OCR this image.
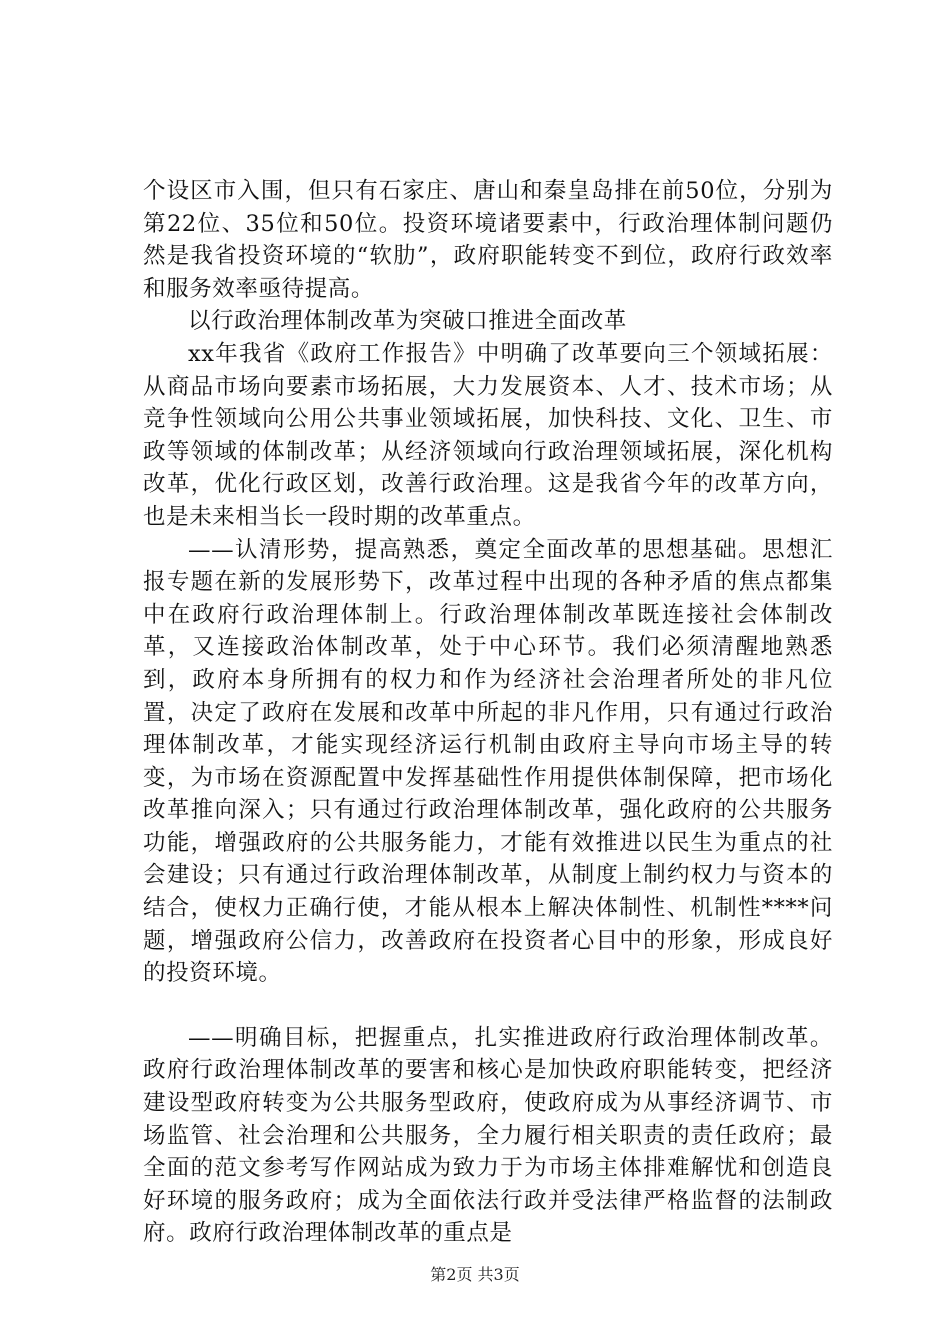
个设区市入围，但只有石家庄、唐山和秦皇岛排在前50位，分别为第22位、35位和50位。投资环境诸要素中，行政治理体制问题仍然是我省投资环境的“软肋”，政府职能转变不到位，政府行政效率和服务效率亟待提高。

以行政治理体制改革为突破口推进全面改革

xx年我省《政府工作报告》中明确了改革要向三个领域拓展：从商品市场向要素市场拓展，大力发展资本、人才、技术市场；从竞争性领域向公用公共事业领域拓展，加快科技、文化、卫生、市政等领域的体制改革；从经济领域向行政治理领域拓展，深化机构改革，优化行政区划，改善行政治理。这是我省今年的改革方向，也是未来相当长一段时期的改革重点。

——认清形势，提高熟悉，奠定全面改革的思想基础。思想汇报专题在新的发展形势下，改革过程中出现的各种矛盾的焦点都集中在政府行政治理体制上。行政治理体制改革既连接社会体制改革，又连接政治体制改革，处于中心环节。我们必须清醒地熟悉到，政府本身所拥有的权力和作为经济社会治理者所处的非凡位置，决定了政府在发展和改革中所起的非凡作用，只有通过行政治理体制改革，才能实现经济运行机制由政府主导向市场主导的转变，为市场在资源配置中发挥基础性作用提供体制保障，把市场化改革推向深入；只有通过行政治理体制改革，强化政府的公共服务功能，增强政府的公共服务能力，才能有效推进以民生为重点的社会建设；只有通过行政治理体制改革，从制度上制约权力与资本的结合，使权力正确行使，才能从根本上解决体制性、机制性****问题，增强政府公信力，改善政府在投资者心目中的形象，形成良好的投资环境。

——明确目标，把握重点，扎实推进政府行政治理体制改革。政府行政治理体制改革的要害和核心是加快政府职能转变，把经济建设型政府转变为公共服务型政府，使政府成为从事经济调节、市场监管、社会治理和公共服务，全力履行相关职责的责任政府；最全面的范文参考写作网站成为致力于为市场主体排难解忧和创造良好环境的服务政府；成为全面依法行政并受法律严格监督的法制政府。政府行政治理体制改革的重点是

第2页 共3页
